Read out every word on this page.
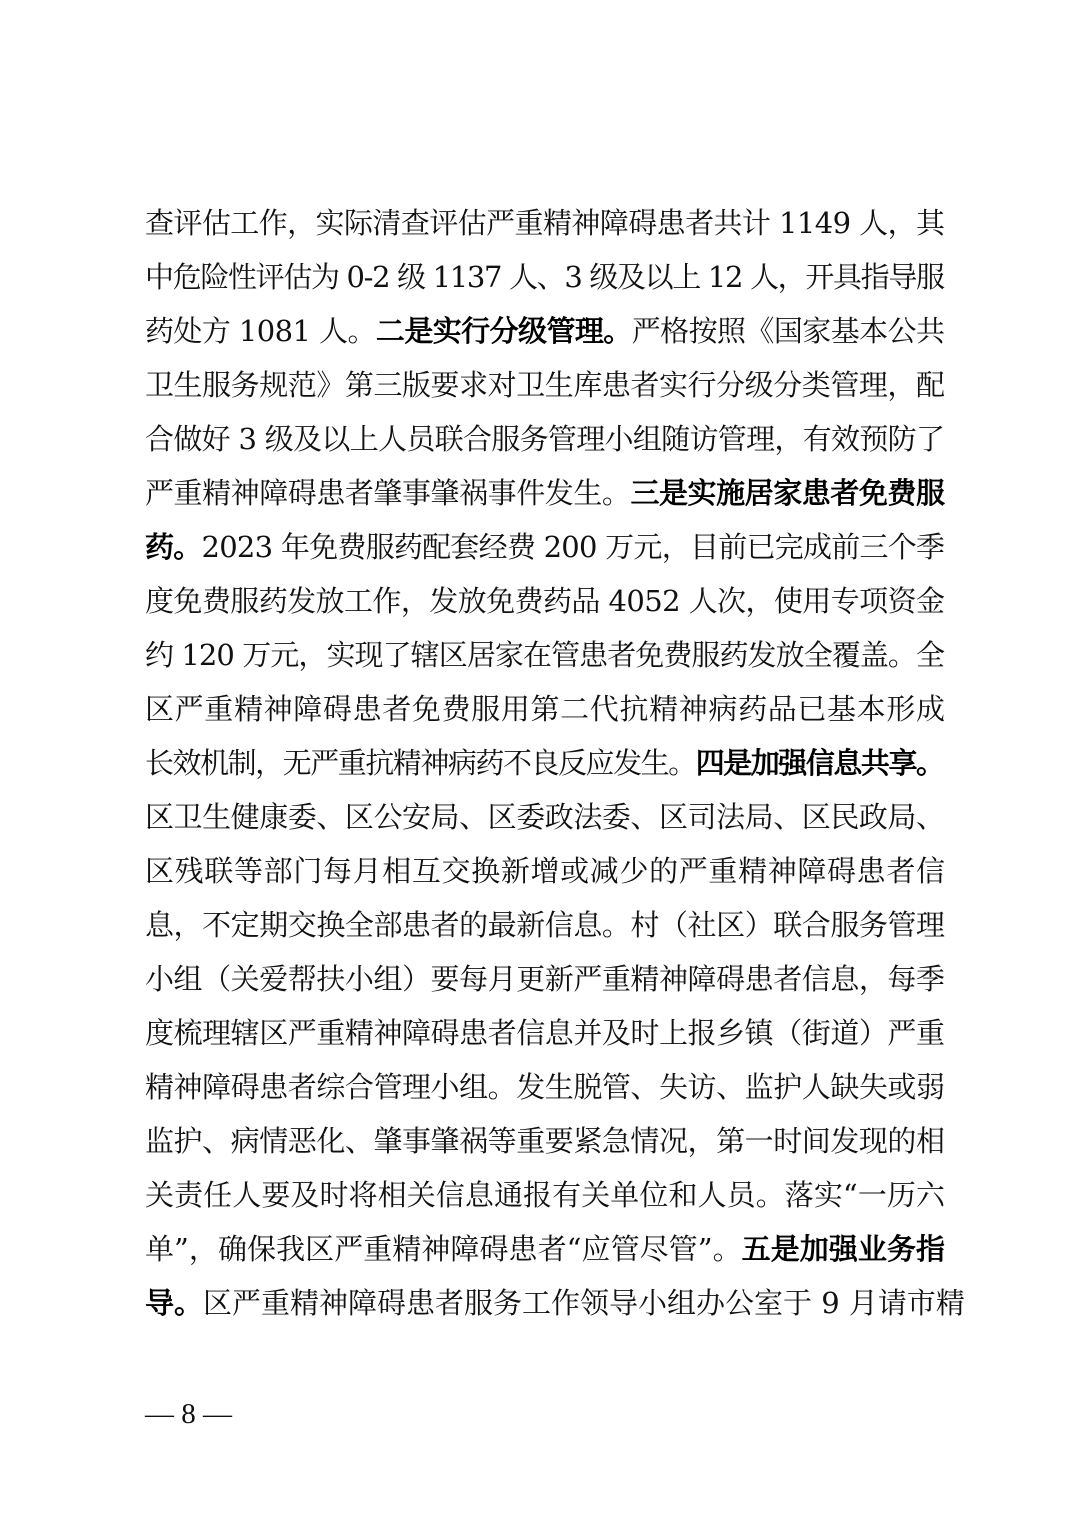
查评估工作，实际清查评估严重精神障碍患者共计 1149 人，其
中危险性评估为 0-2 级 1137 人、3 级及以上 12 人，开具指导服
药处方 1081 人。二是实行分级管理。严格按照《国家基本公共
卫生服务规范》第三版要求对卫生库患者实行分级分类管理，配
合做好 3 级及以上人员联合服务管理小组随访管理，有效预防了
严重精神障碍患者肇事肇祸事件发生。三是实施居家患者免费服
药。2023 年免费服药配套经费 200 万元，目前已完成前三个季
度免费服药发放工作，发放免费药品 4052 人次，使用专项资金
约 120 万元，实现了辖区居家在管患者免费服药发放全覆盖。全
区严重精神障碍患者免费服用第二代抗精神病药品已基本形成
长效机制，无严重抗精神病药不良反应发生。四是加强信息共享。
区卫生健康委、区公安局、区委政法委、区司法局、区民政局、
区残联等部门每月相互交换新增或减少的严重精神障碍患者信
息，不定期交换全部患者的最新信息。村（社区）联合服务管理
小组（关爱帮扶小组）要每月更新严重精神障碍患者信息，每季
度梳理辖区严重精神障碍患者信息并及时上报乡镇（街道）严重
精神障碍患者综合管理小组。发生脱管、失访、监护人缺失或弱
监护、病情恶化、肇事肇祸等重要紧急情况，第一时间发现的相
关责任人要及时将相关信息通报有关单位和人员。落实“一历六
单”，确保我区严重精神障碍患者“应管尽管”。五是加强业务指
导。区严重精神障碍患者服务工作领导小组办公室于 9 月请市精
— 8 —
